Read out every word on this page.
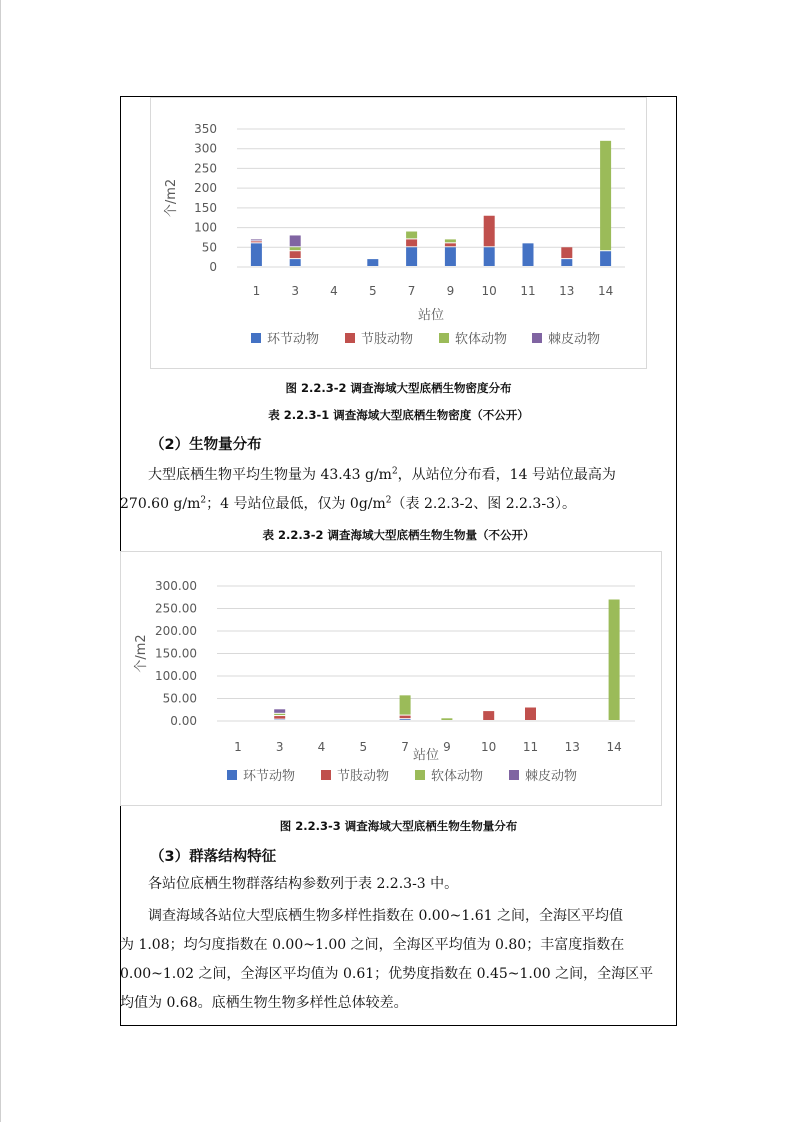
0
50
100
150
200
250
300
350
个/m2
1	3	4	5	7	9 10 11 13 14
站位
环节动物	节肢动物	软体动物	棘皮动物
图 2.2.3-2 调查海域大型底栖生物密度分布
表 2.2.3-1 调查海域大型底栖生物密度（不公开）
（2）生物量分布
大型底栖生物平均生物量为 43.43 $g/m^2$，从站位分布看，14 号站位最高为
270.60 $g/m^2$；4 号站位最低，仅为 $0g/m^2$（表 2.2.3-2、图 2.2.3-3）。
表 2.2.3-2 调查海域大型底栖生物生物量（不公开）
0.00
50.00
100.00
150.00
200.00
250.00
300.00
个/m2
1	3	4	5	7	9	10 11 13 14
站位
环节动物	节肢动物	软体动物	棘皮动物
图 2.2.3-3 调查海域大型底栖生物生物量分布
（3）群落结构特征
各站位底栖生物群落结构参数列于表 2.2.3-3 中。
调查海域各站位大型底栖生物多样性指数在 0.00~1.61 之间，全海区平均值
为 1.08；均匀度指数在 0.00~1.00 之间，全海区平均值为 0.80；丰富度指数在
0.00~1.02 之间，全海区平均值为 0.61；优势度指数在 0.45~1.00 之间，全海区平
均值为 0.68。底栖生物生物多样性总体较差。
